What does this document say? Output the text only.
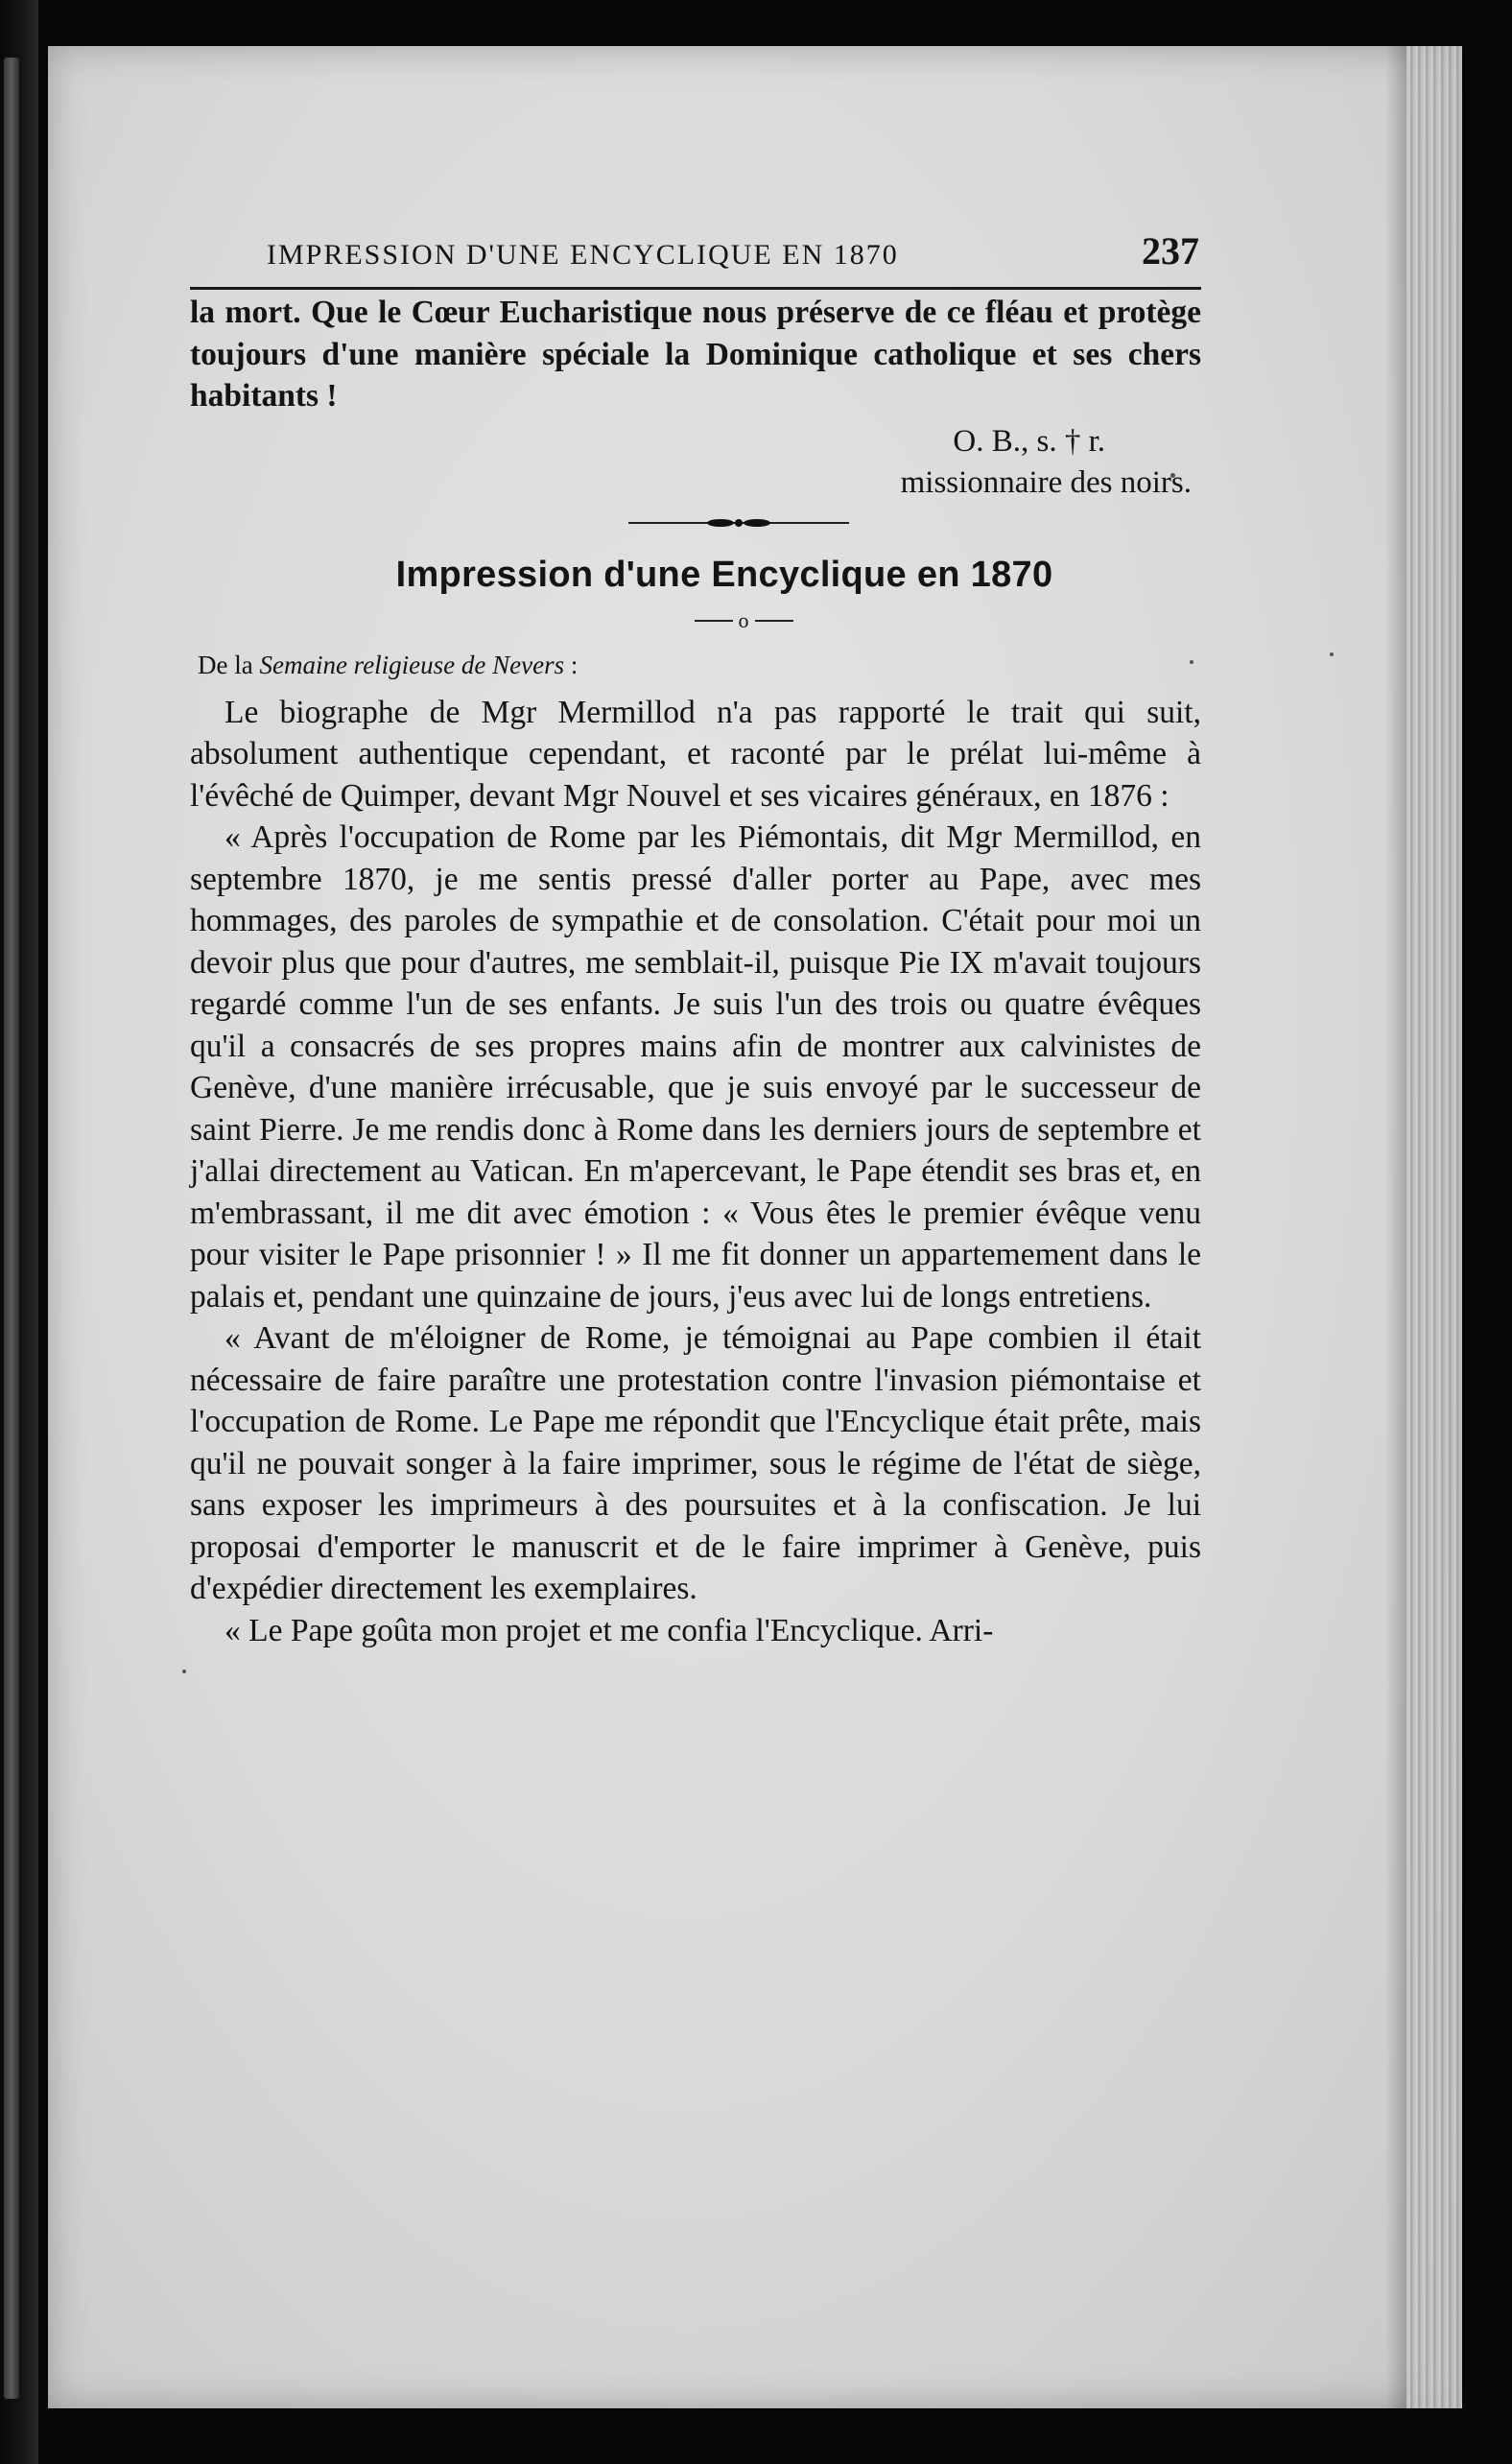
IMPRESSION D'UNE ENCYCLIQUE EN 1870	237

la mort. Que le Cœur Eucharistique nous préserve de ce fléau et protège toujours d'une manière spéciale la Dominique catholique et ses chers habitants !

O. B., s. † r.
missionnaire des noirs.
Impression d'une Encyclique en 1870
o
De la Semaine religieuse de Nevers :

Le biographe de Mgr Mermillod n'a pas rapporté le trait qui suit, absolument authentique cependant, et raconté par le prélat lui-même à l'évêché de Quimper, devant Mgr Nouvel et ses vicaires généraux, en 1876 :

« Après l'occupation de Rome par les Piémontais, dit Mgr Mermillod, en septembre 1870, je me sentis pressé d'aller porter au Pape, avec mes hommages, des paroles de sympathie et de consolation. C'était pour moi un devoir plus que pour d'autres, me semblait-il, puisque Pie IX m'avait toujours regardé comme l'un de ses enfants. Je suis l'un des trois ou quatre évêques qu'il a consacrés de ses propres mains afin de montrer aux calvinistes de Genève, d'une manière irrécusable, que je suis envoyé par le successeur de saint Pierre. Je me rendis donc à Rome dans les derniers jours de septembre et j'allai directement au Vatican. En m'apercevant, le Pape étendit ses bras et, en m'embrassant, il me dit avec émotion : « Vous êtes le premier évêque venu pour visiter le Pape prisonnier ! » Il me fit donner un appartemement dans le palais et, pendant une quinzaine de jours, j'eus avec lui de longs entretiens.

« Avant de m'éloigner de Rome, je témoignai au Pape combien il était nécessaire de faire paraître une protestation contre l'invasion piémontaise et l'occupation de Rome. Le Pape me répondit que l'Encyclique était prête, mais qu'il ne pouvait songer à la faire imprimer, sous le régime de l'état de siège, sans exposer les imprimeurs à des poursuites et à la confiscation. Je lui proposai d'emporter le manuscrit et de le faire imprimer à Genève, puis d'expédier directement les exemplaires.

« Le Pape goûta mon projet et me confia l'Encyclique. Arri-
